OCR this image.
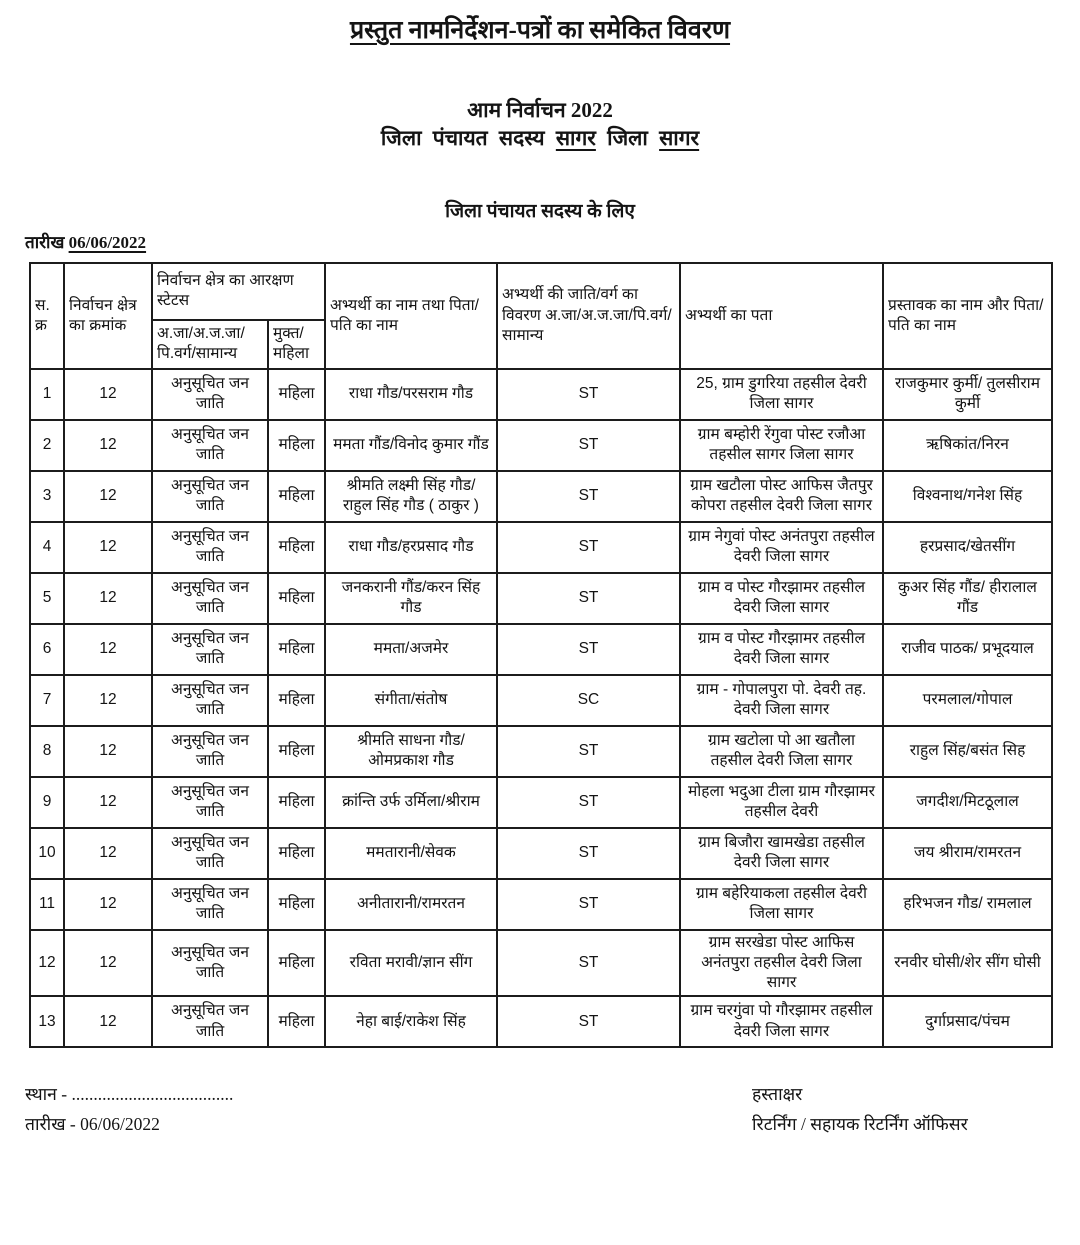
प्रस्तुत नामनिर्देशन-पत्रों का समेकित विवरण
आम निर्वाचन 2022
जिला पंचायत सदस्य सागर जिला सागर
जिला पंचायत सदस्य के लिए
तारीख 06/06/2022
स.क्र	निर्वाचन क्षेत्र का क्रमांक	निर्वाचन क्षेत्र का आरक्षण स्टेटस		अभ्यर्थी का नाम तथा पिता/पति का नाम	अभ्यर्थी की जाति/वर्ग का विवरण अ.जा/अ.ज.जा/पि.वर्ग/ सामान्य	अभ्यर्थी का पता	प्रस्तावक का नाम और पिता/पति का नाम
		अ.जा/अ.ज.जा/ पि.वर्ग/सामान्य	मुक्त/ महिला				
1	12	अनुसूचित जन जाति	महिला	राधा गौड/परसराम गौड	ST	25, ग्राम डुगरिया तहसील देवरी जिला सागर	राजकुमार कुर्मी/ तुलसीराम कुर्मी
2	12	अनुसूचित जन जाति	महिला	ममता गौंड/विनोद कुमार गौंड	ST	ग्राम बम्होरी रेंगुवा पोस्ट रजौआ तहसील सागर जिला सागर	ऋषिकांत/निरन
3	12	अनुसूचित जन जाति	महिला	श्रीमति लक्ष्मी सिंह गौड/ राहुल सिंह गौड ( ठाकुर )	ST	ग्राम खटौला पोस्ट आफिस जैतपुर कोपरा तहसील देवरी जिला सागर	विश्वनाथ/गनेश सिंह
4	12	अनुसूचित जन जाति	महिला	राधा गौड/हरप्रसाद गौड	ST	ग्राम नेगुवां पोस्ट अनंतपुरा तहसील देवरी जिला सागर	हरप्रसाद/खेतसींग
5	12	अनुसूचित जन जाति	महिला	जनकरानी गौंड/करन सिंह गौड	ST	ग्राम व पोस्ट गौरझामर तहसील देवरी जिला सागर	कुअर सिंह गौंड/ हीरालाल गौंड
6	12	अनुसूचित जन जाति	महिला	ममता/अजमेर	ST	ग्राम व पोस्ट गौरझामर तहसील देवरी जिला सागर	राजीव पाठक/ प्रभूदयाल
7	12	अनुसूचित जन जाति	महिला	संगीता/संतोष	SC	ग्राम - गोपालपुरा पो. देवरी तह. देवरी जिला सागर	परमलाल/गोपाल
8	12	अनुसूचित जन जाति	महिला	श्रीमति साधना गौड/ ओमप्रकाश गौड	ST	ग्राम खटोला पो आ खतौला तहसील देवरी जिला सागर	राहुल सिंह/बसंत सिह
9	12	अनुसूचित जन जाति	महिला	क्रांन्ति उर्फ उर्मिला/श्रीराम	ST	मोहला भदुआ टीला ग्राम गौरझामर तहसील देवरी	जगदीश/मिटठूलाल
10	12	अनुसूचित जन जाति	महिला	ममतारानी/सेवक	ST	ग्राम बिजौरा खामखेडा तहसील देवरी जिला सागर	जय श्रीराम/रामरतन
11	12	अनुसूचित जन जाति	महिला	अनीतारानी/रामरतन	ST	ग्राम बहेरियाकला तहसील देवरी जिला सागर	हरिभजन गौड/ रामलाल
12	12	अनुसूचित जन जाति	महिला	रविता मरावी/ज्ञान सींग	ST	ग्राम सरखेडा पोस्ट आफिस अनंतपुरा तहसील देवरी जिला सागर	रनवीर घोसी/शेर सींग घोसी
13	12	अनुसूचित जन जाति	महिला	नेहा बाई/राकेश सिंह	ST	ग्राम चरगुंवा पो गौरझामर तहसील देवरी जिला सागर	दुर्गाप्रसाद/पंचम
स्थान - .....................................
तारीख - 06/06/2022
हस्ताक्षर
रिटर्निंग / सहायक रिटर्निंग ऑफिसर
